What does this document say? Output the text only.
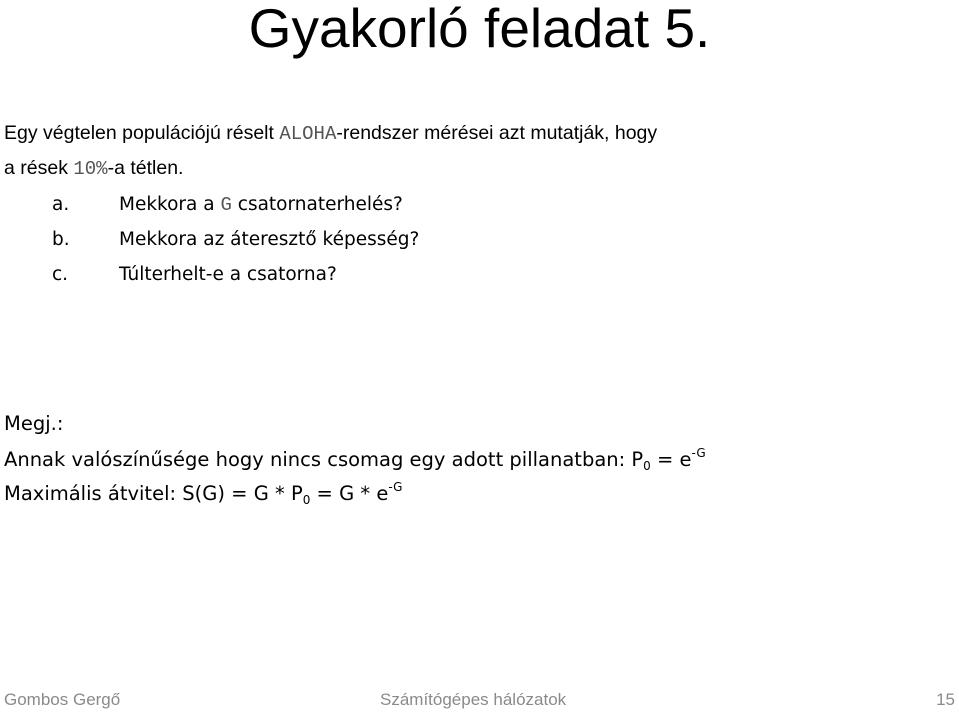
Gyakorló feladat 5.
Egy végtelen populációjú réselt ALOHA-rendszer mérései azt mutatják, hogy
a rések 10%-a tétlen.
a.	Mekkora a G csatornaterhelés?
b.	Mekkora az áteresztő képesség?
c.	Túlterhelt-e a csatorna?
Megj.:
Annak valószínűsége hogy nincs csomag egy adott pillanatban: $P_0 = e^{-G}$
Maximális átvitel: $S(G) = G * P_0 = G * e^{-G}$
Gombos Gergő	Számítógépes hálózatok	15
